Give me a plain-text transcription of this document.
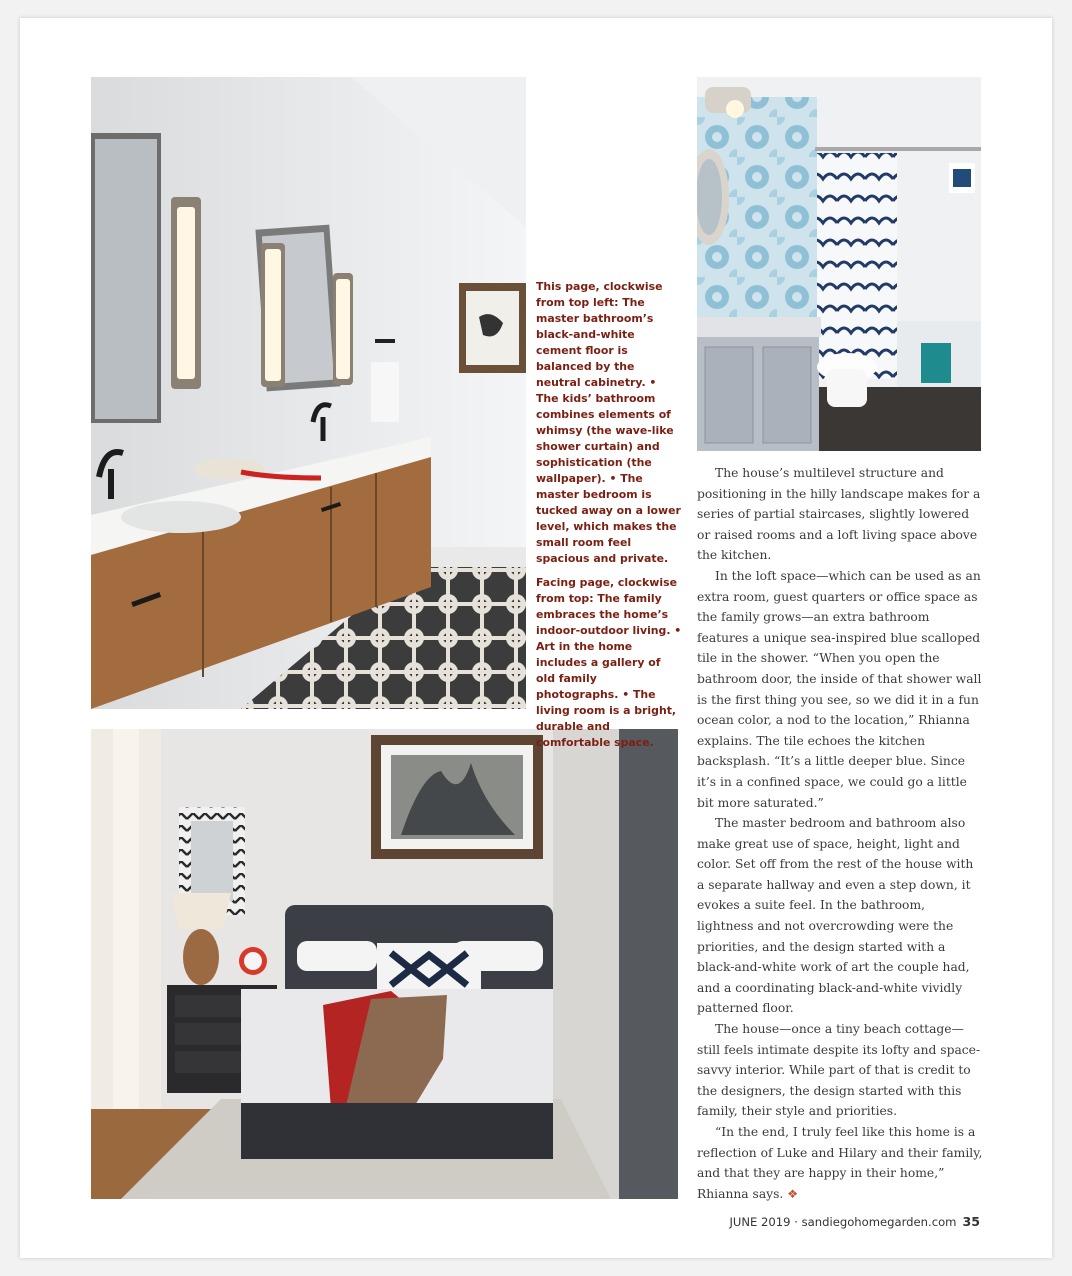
This page, clockwise from top left: The master bathroom’s black-and-white cement floor is balanced by the neutral cabinetry. • The kids’ bathroom combines elements of whimsy (the wave-like shower curtain) and sophistication (the wallpaper). • The master bedroom is tucked away on a lower level, which makes the small room feel spacious and private.

Facing page, clockwise from top: The family embraces the home’s indoor-outdoor living. • Art in the home includes a gallery of old family photographs. • The living room is a bright, durable and comfortable space.

The house’s multilevel structure and positioning in the hilly landscape makes for a series of partial staircases, slightly lowered or raised rooms and a loft living space above the kitchen.

In the loft space—which can be used as an extra room, guest quarters or office space as the family grows—an extra bathroom features a unique sea-inspired blue scalloped tile in the shower. “When you open the bathroom door, the inside of that shower wall is the first thing you see, so we did it in a fun ocean color, a nod to the location,” Rhianna explains. The tile echoes the kitchen backsplash. “It’s a little deeper blue. Since it’s in a confined space, we could go a little bit more saturated.”

The master bedroom and bathroom also make great use of space, height, light and color. Set off from the rest of the house with a separate hallway and even a step down, it evokes a suite feel. In the bathroom, lightness and not overcrowding were the priorities, and the design started with a black-and-white work of art the couple had, and a coordinating black-and-white vividly patterned floor.

The house—once a tiny beach cottage—still feels intimate despite its lofty and space-savvy interior. While part of that is credit to the designers, the design started with this family, their style and priorities.

“In the end, I truly feel like this home is a reflection of Luke and Hilary and their family, and that they are happy in their home,” Rhianna says. ❖

JUNE 2019 · sandiegohomegarden.com 35
